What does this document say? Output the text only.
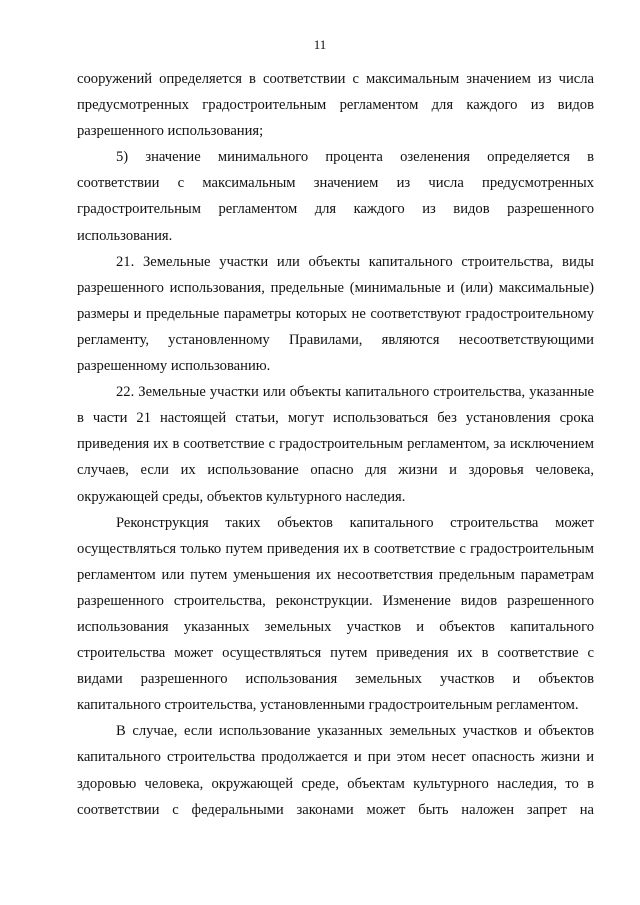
11

сооружений определяется в соответствии с максимальным значением из числа предусмотренных градостроительным регламентом для каждого из видов разрешенного использования;

5) значение минимального процента озеленения определяется в соответствии с максимальным значением из числа предусмотренных градостроительным регламентом для каждого из видов разрешенного использования.

21. Земельные участки или объекты капитального строительства, виды разрешенного использования, предельные (минимальные и (или) максимальные) размеры и предельные параметры которых не соответствуют градостроительному регламенту, установленному Правилами, являются несоответствующими разрешенному использованию.

22. Земельные участки или объекты капитального строительства, указанные в части 21 настоящей статьи, могут использоваться без установления срока приведения их в соответствие с градостроительным регламентом, за исключением случаев, если их использование опасно для жизни и здоровья человека, окружающей среды, объектов культурного наследия.

Реконструкция таких объектов капитального строительства может осуществляться только путем приведения их в соответствие с градостроительным регламентом или путем уменьшения их несоответствия предельным параметрам разрешенного строительства, реконструкции. Изменение видов разрешенного использования указанных земельных участков и объектов капитального строительства может осуществляться путем приведения их в соответствие с видами разрешенного использования земельных участков и объектов капитального строительства, установленными градостроительным регламентом.

В случае, если использование указанных земельных участков и объектов капитального строительства продолжается и при этом несет опасность жизни и здоровью человека, окружающей среде, объектам культурного наследия, то в соответствии с федеральными законами может быть наложен запрет на
